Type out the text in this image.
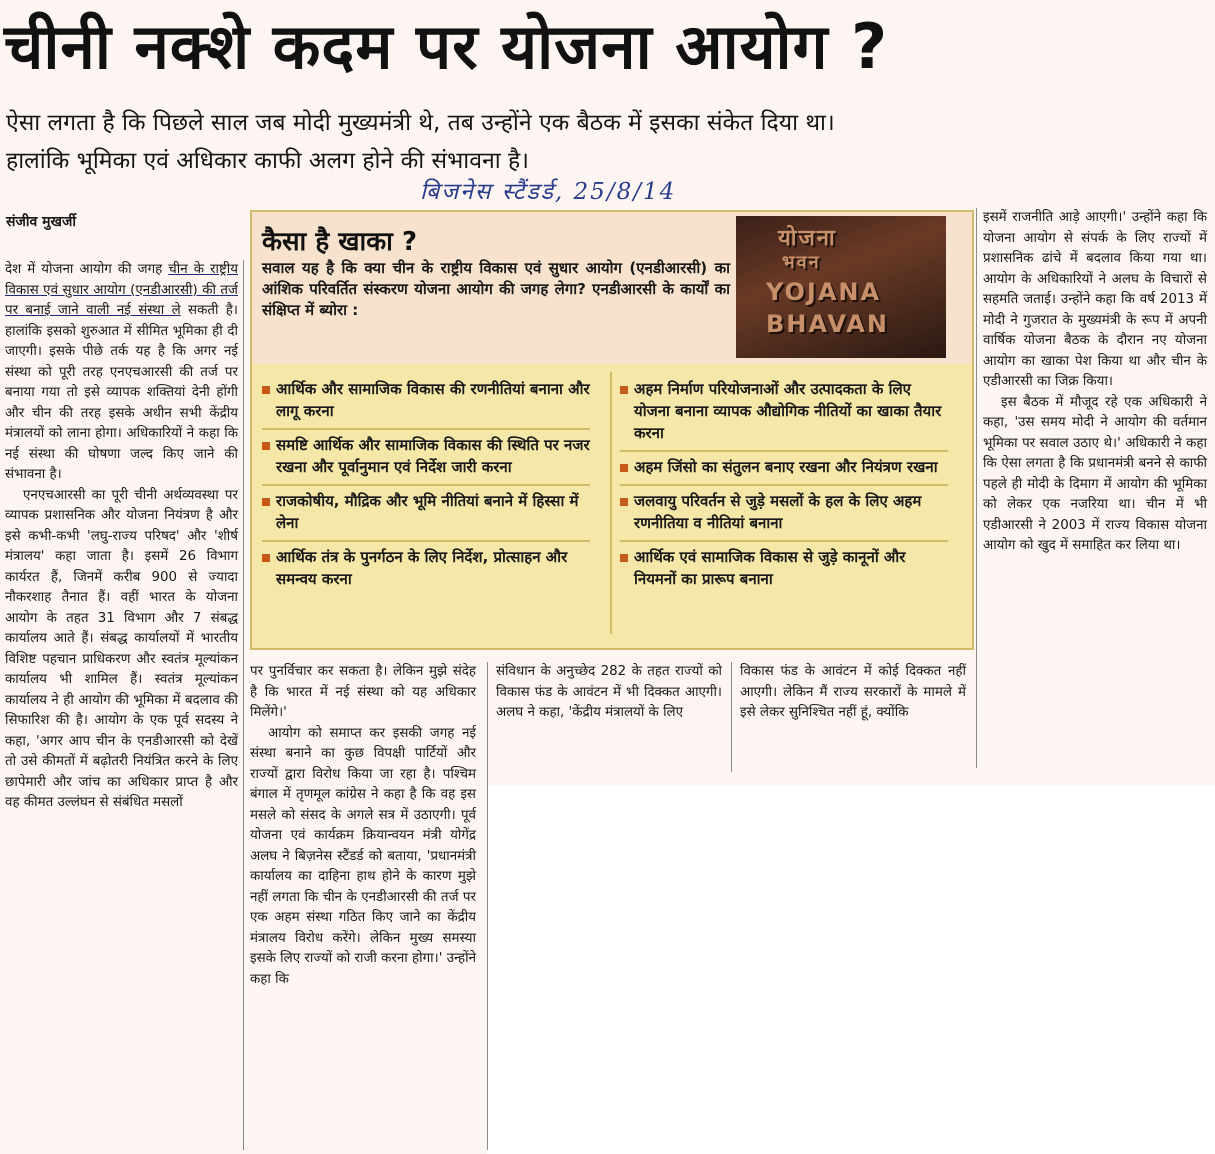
चीनी नक्शे कदम पर योजना आयोग ?
ऐसा लगता है कि पिछले साल जब मोदी मुख्यमंत्री थे, तब उन्होंने एक बैठक में इसका संकेत दिया था।
हालांकि भूमिका एवं अधिकार काफी अलग होने की संभावना है।
बिजनेस स्टैंडर्ड, 25/8/14
संजीव मुखर्जी

देश में योजना आयोग की जगह चीन के राष्ट्रीय विकास एवं सुधार आयोग (एनडीआरसी) की तर्ज पर बनाई जाने वाली नई संस्था ले सकती है। हालांकि इसको शुरुआत में सीमित भूमिका ही दी जाएगी। इसके पीछे तर्क यह है कि अगर नई संस्था को पूरी तरह एनएचआरसी की तर्ज पर बनाया गया तो इसे व्यापक शक्तियां देनी होंगी और चीन की तरह इसके अधीन सभी केंद्रीय मंत्रालयों को लाना होगा। अधिकारियों ने कहा कि नई संस्था की घोषणा जल्द किए जाने की संभावना है।

एनएचआरसी का पूरी चीनी अर्थव्यवस्था पर व्यापक प्रशासनिक और योजना नियंत्रण है और इसे कभी-कभी 'लघु-राज्य परिषद' और 'शीर्ष मंत्रालय' कहा जाता है। इसमें 26 विभाग कार्यरत हैं, जिनमें करीब 900 से ज्यादा नौकरशाह तैनात हैं। वहीं भारत के योजना आयोग के तहत 31 विभाग और 7 संबद्ध कार्यालय आते हैं। संबद्ध कार्यालयों में भारतीय विशिष्ट पहचान प्राधिकरण और स्वतंत्र मूल्यांकन कार्यालय भी शामिल हैं। स्वतंत्र मूल्यांकन कार्यालय ने ही आयोग की भूमिका में बदलाव की सिफारिश की है। आयोग के एक पूर्व सदस्य ने कहा, 'अगर आप चीन के एनडीआरसी को देखें तो उसे कीमतों में बढ़ोतरी नियंत्रित करने के लिए छापेमारी और जांच का अधिकार प्राप्त है और वह कीमत उल्लंघन से संबंधित मसलों

कैसा है खाका ?
सवाल यह है कि क्या चीन के राष्ट्रीय विकास एवं सुधार आयोग (एनडीआरसी) का आंशिक परिवर्तित संस्करण योजना आयोग की जगह लेगा? एनडीआरसी के कार्यों का संक्षिप्त में ब्योरा :
योजना
भवन
YOJANA
BHAVAN
आर्थिक और सामाजिक विकास की रणनीतियां बनाना और लागू करना
समष्टि आर्थिक और सामाजिक विकास की स्थिति पर नजर रखना और पूर्वानुमान एवं निर्देश जारी करना
राजकोषीय, मौद्रिक और भूमि नीतियां बनाने में हिस्सा में लेना
आर्थिक तंत्र के पुनर्गठन के लिए निर्देश, प्रोत्साहन और समन्वय करना
अहम निर्माण परियोजनाओं और उत्पादकता के लिए योजना बनाना व्यापक औद्योगिक नीतियों का खाका तैयार करना
अहम जिंसो का संतुलन बनाए रखना और नियंत्रण रखना
जलवायु परिवर्तन से जुड़े मसलों के हल के लिए अहम रणनीतिया व नीतियां बनाना
आर्थिक एवं सामाजिक विकास से जुड़े कानूनों और नियमनों का प्रारूप बनाना

पर पुनर्विचार कर सकता है। लेकिन मुझे संदेह है कि भारत में नई संस्था को यह अधिकार मिलेंगे।'

आयोग को समाप्त कर इसकी जगह नई संस्था बनाने का कुछ विपक्षी पार्टियों और राज्यों द्वारा विरोध किया जा रहा है। पश्चिम बंगाल में तृणमूल कांग्रेस ने कहा है कि वह इस मसले को संसद के अगले सत्र में उठाएगी। पूर्व योजना एवं कार्यक्रम क्रियान्वयन मंत्री योगेंद्र अलघ ने बिज़नेस स्टैंडर्ड को बताया, 'प्रधानमंत्री कार्यालय का दाहिना हाथ होने के कारण मुझे नहीं लगता कि चीन के एनडीआरसी की तर्ज पर एक अहम संस्था गठित किए जाने का केंद्रीय मंत्रालय विरोध करेंगे। लेकिन मुख्य समस्या इसके लिए राज्यों को राजी करना होगा।' उन्होंने कहा कि

संविधान के अनुच्छेद 282 के तहत राज्यों को विकास फंड के आवंटन में भी दिक्कत आएगी। अलघ ने कहा, 'केंद्रीय मंत्रालयों के लिए

विकास फंड के आवंटन में कोई दिक्कत नहीं आएगी। लेकिन मैं राज्य सरकारों के मामले में इसे लेकर सुनिश्चित नहीं हूं, क्योंकि

इसमें राजनीति आड़े आएगी।' उन्होंने कहा कि योजना आयोग से संपर्क के लिए राज्यों में प्रशासनिक ढांचे में बदलाव किया गया था। आयोग के अधिकारियों ने अलघ के विचारों से सहमति जताई। उन्होंने कहा कि वर्ष 2013 में मोदी ने गुजरात के मुख्यमंत्री के रूप में अपनी वार्षिक योजना बैठक के दौरान नए योजना आयोग का खाका पेश किया था और चीन के एडीआरसी का जिक्र किया।

इस बैठक में मौजूद रहे एक अधिकारी ने कहा, 'उस समय मोदी ने आयोग की वर्तमान भूमिका पर सवाल उठाए थे।' अधिकारी ने कहा कि ऐसा लगता है कि प्रधानमंत्री बनने से काफी पहले ही मोदी के दिमाग में आयोग की भूमिका को लेकर एक नजरिया था। चीन में भी एडीआरसी ने 2003 में राज्य विकास योजना आयोग को खुद में समाहित कर लिया था।
